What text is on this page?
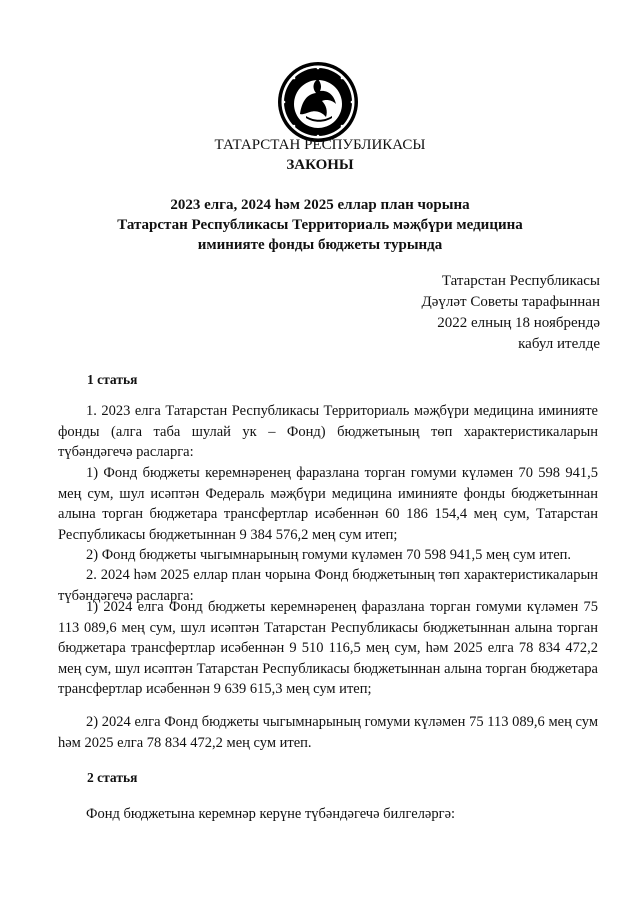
ТАТАРСТАН РЕСПУБЛИКАСЫ
ЗАКОНЫ
2023 елга, 2024 һәм 2025 еллар план чорына
Татарстан Республикасы Территориаль мәҗбүри медицина
иминияте фонды бюджеты турында
Татарстан Республикасы
Дәүләт Советы тарафыннан
2022 елның 18 ноябрендә
кабул ителде
1 статья
1. 2023 елга Татарстан Республикасы Территориаль мәҗбүри медицина иминияте фонды (алга таба шулай ук – Фонд) бюджетының төп характеристикаларын түбәндәгечә расларга:
1) Фонд бюджеты керемнәренең фаразлана торган гомуми күләмен 70 598 941,5 мең сум, шул исәптән Федераль мәҗбүри медицина иминияте фонды бюджетыннан алына торган бюджетара трансфертлар исәбеннән 60 186 154,4 мең сум, Татарстан Республикасы бюджетыннан 9 384 576,2 мең сум итеп;
2) Фонд бюджеты чыгымнарының гомуми күләмен 70 598 941,5 мең сум итеп.
2. 2024 һәм 2025 еллар план чорына Фонд бюджетының төп характеристикаларын түбәндәгечә расларга:
1) 2024 елга Фонд бюджеты керемнәренең фаразлана торган гомуми күләмен 75 113 089,6 мең сум, шул исәптән Татарстан Республикасы бюджетыннан алына торган бюджетара трансфертлар исәбеннән 9 510 116,5 мең сум, һәм 2025 елга 78 834 472,2 мең сум, шул исәптән Татарстан Республикасы бюджетыннан алына торган бюджетара трансфертлар исәбеннән 9 639 615,3 мең сум итеп;
2) 2024 елга Фонд бюджеты чыгымнарының гомуми күләмен 75 113 089,6 мең сум һәм 2025 елга 78 834 472,2 мең сум итеп.
2 статья
Фонд бюджетына керемнәр керүне түбәндәгечә билгеләргә:
